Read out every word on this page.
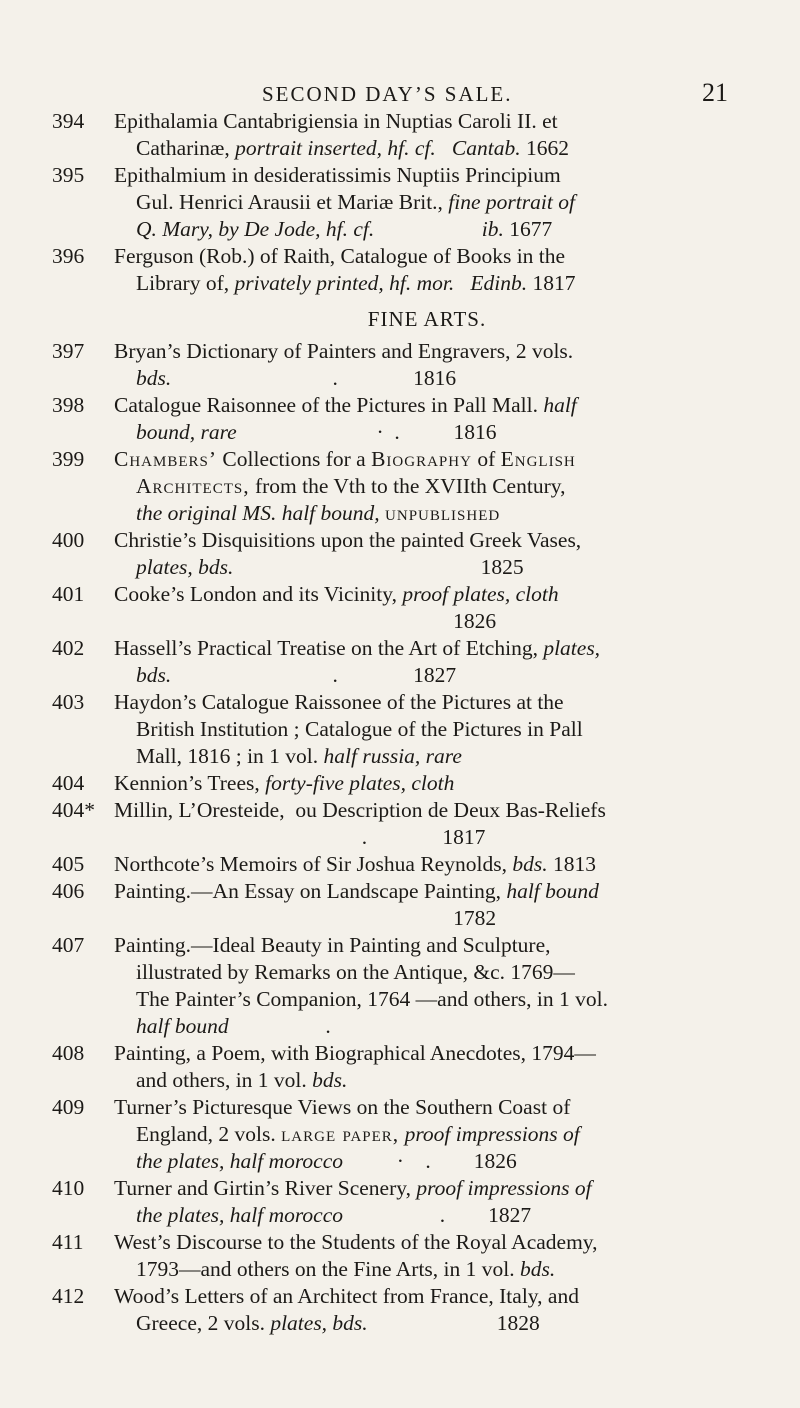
SECOND DAY’S SALE.	21
394	Epithalamia Cantabrigiensia in Nuptias Caroli II. et
Catharinæ, portrait inserted, hf. cf. Cantab. 1662
395	Epithalmium in desideratissimis Nuptiis Principium
Gul. Henrici Arausii et Mariæ Brit., fine portrait of
Q. Mary, by De Jode, hf. cf.	ib. 1677
396	Ferguson (Rob.) of Raith, Catalogue of Books in the
Library of, privately printed, hf. mor. Edinb. 1817
FINE ARTS.
397	Bryan’s Dictionary of Painters and Engravers, 2 vols.
bds.                              .              1816
398	Catalogue Raisonnee of the Pictures in Pall Mall. half
bound, rare                          ·  .          1816
399	Chambers’ Collections for a Biography of English
Architects, from the Vth to the XVIIth Century,
the original MS. half bound, unpublished
400	Christie’s Disquisitions upon the painted Greek Vases,
plates, bds.                                              1825
401	Cooke’s London and its Vicinity, proof plates, cloth
1826
402	Hassell’s Practical Treatise on the Art of Etching, plates,
bds.                              .              1827
403	Haydon’s Catalogue Raissonee of the Pictures at the
British Institution ; Catalogue of the Pictures in Pall
Mall, 1816 ; in 1 vol. half russia, rare
404	Kennion’s Trees, forty-five plates, cloth
404* Millin, L’Oresteide,  ou Description de Deux Bas-Reliefs
.              1817
405	Northcote’s Memoirs of Sir Joshua Reynolds, bds. 1813
406	Painting.—An Essay on Landscape Painting, half bound
1782
407	Painting.—Ideal Beauty in Painting and Sculpture,
illustrated by Remarks on the Antique, &c. 1769—
The Painter’s Companion, 1764 —and others, in 1 vol.
half bound                  .
408	Painting, a Poem, with Biographical Anecdotes, 1794—
and others, in 1 vol. bds.
409	Turner’s Picturesque Views on the Southern Coast of
England, 2 vols. large paper, proof impressions of
the plates, half morocco          ·    .        1826
410	Turner and Girtin’s River Scenery, proof impressions of
the plates, half morocco                  .        1827
411	West’s Discourse to the Students of the Royal Academy,
1793—and others on the Fine Arts, in 1 vol. bds.
412	Wood’s Letters of an Architect from France, Italy, and
Greece, 2 vols. plates, bds.                        1828
